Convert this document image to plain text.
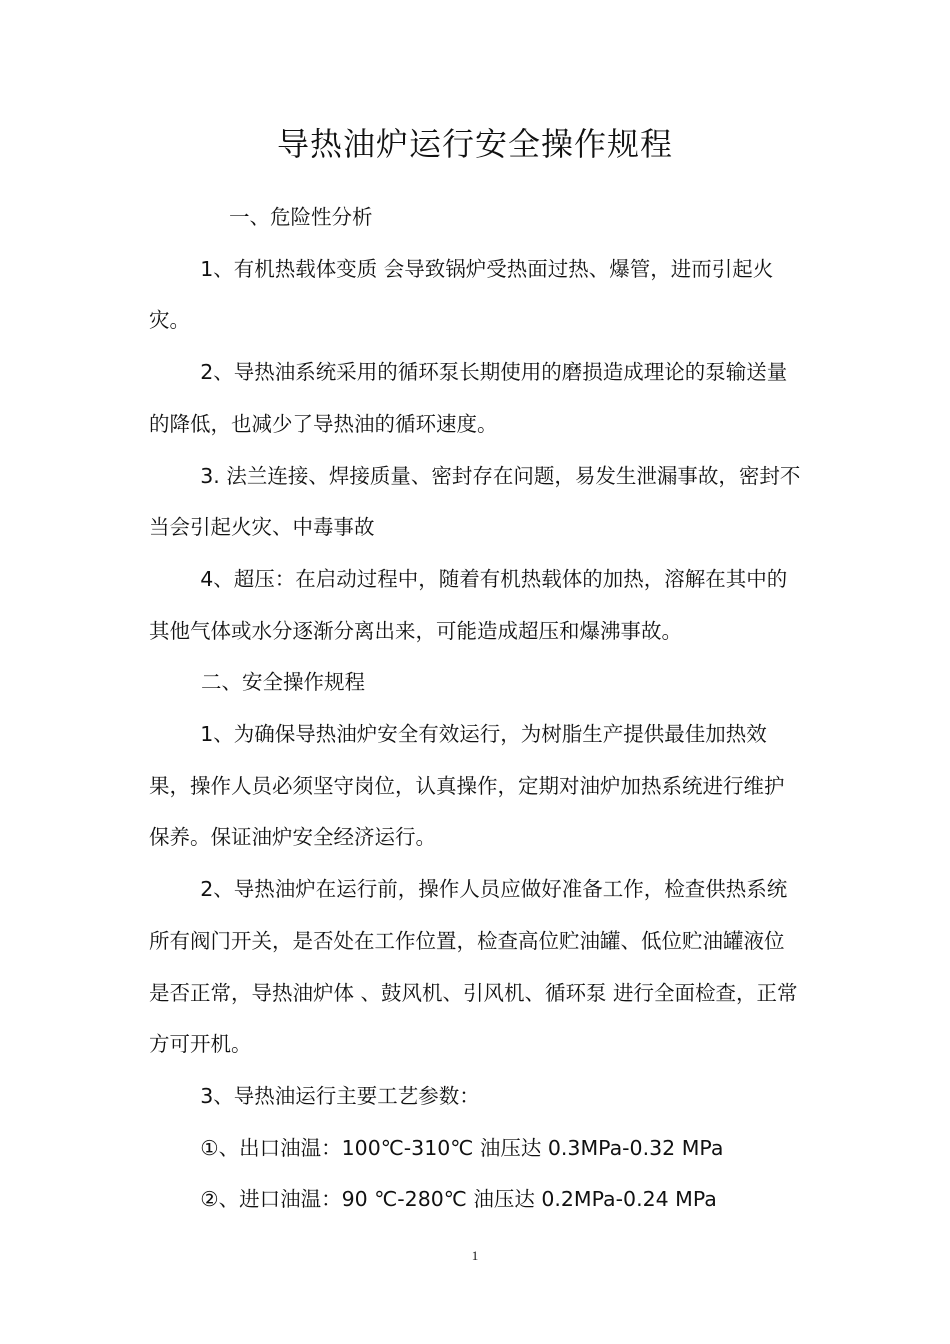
导热油炉运行安全操作规程

一、危险性分析

1、有机热载体变质 会导致锅炉受热面过热、爆管，进而引起火灾。

2、导热油系统采用的循环泵长期使用的磨损造成理论的泵输送量的降低，也减少了导热油的循环速度。

3. 法兰连接、焊接质量、密封存在问题，易发生泄漏事故，密封不当会引起火灾、中毒事故

4、超压：在启动过程中，随着有机热载体的加热，溶解在其中的其他气体或水分逐渐分离出来，可能造成超压和爆沸事故。

二、安全操作规程

1、为确保导热油炉安全有效运行，为树脂生产提供最佳加热效果，操作人员必须坚守岗位，认真操作，定期对油炉加热系统进行维护保养。保证油炉安全经济运行。

2、导热油炉在运行前，操作人员应做好准备工作，检查供热系统所有阀门开关，是否处在工作位置，检查高位贮油罐、低位贮油罐液位是否正常，导热油炉体 、鼓风机、引风机、循环泵 进行全面检查，正常方可开机。

3、导热油运行主要工艺参数：

①、出口油温：100℃-310℃ 油压达 0.3MPa-0.32 MPa

②、进口油温：90 ℃-280℃ 油压达 0.2MPa-0.24 MPa

1
